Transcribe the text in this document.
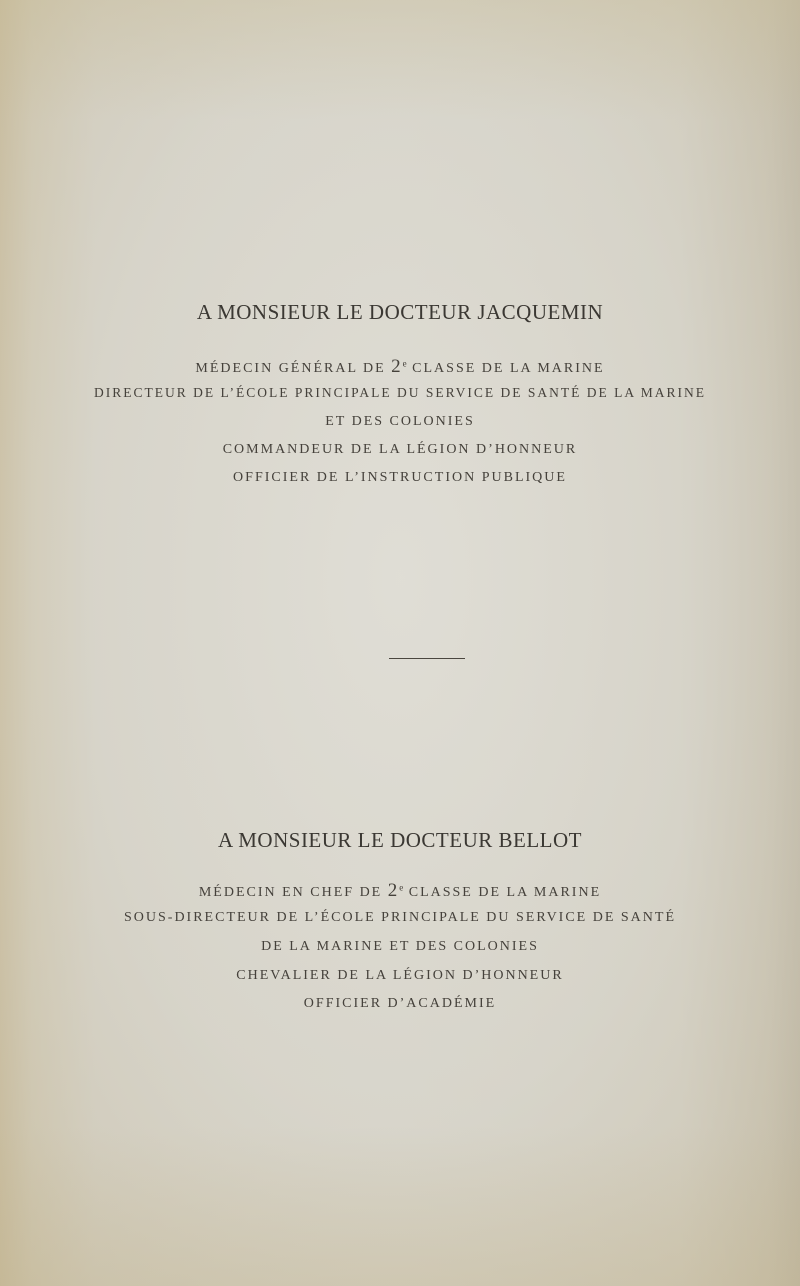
A MONSIEUR LE DOCTEUR JACQUEMIN
MÉDECIN GÉNÉRAL DE 2e CLASSE DE LA MARINE
DIRECTEUR DE L’ÉCOLE PRINCIPALE DU SERVICE DE SANTÉ DE LA MARINE
ET DES COLONIES
COMMANDEUR DE LA LÉGION D’HONNEUR
OFFICIER DE L’INSTRUCTION PUBLIQUE
A MONSIEUR LE DOCTEUR BELLOT
MÉDECIN EN CHEF DE 2e CLASSE DE LA MARINE
SOUS-DIRECTEUR DE L’ÉCOLE PRINCIPALE DU SERVICE DE SANTÉ
DE LA MARINE ET DES COLONIES
CHEVALIER DE LA LÉGION D’HONNEUR
OFFICIER D’ACADÉMIE
